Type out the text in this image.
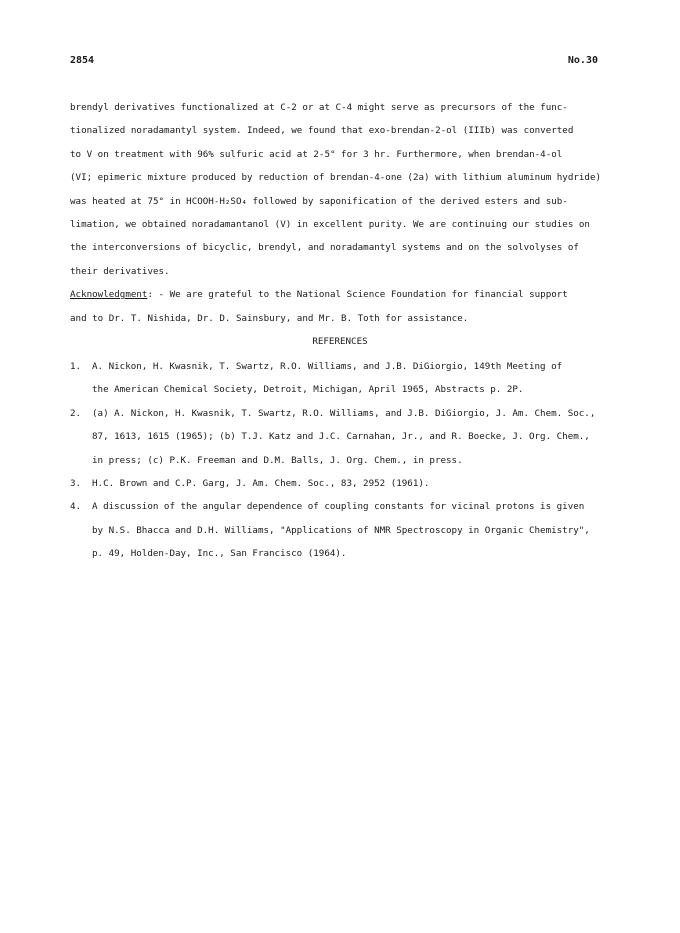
2854	No.30
brendyl derivatives functionalized at C-2 or at C-4 might serve as precursors of the func-
tionalized noradamantyl system. Indeed, we found that exo-brendan-2-ol (IIIb) was converted
to V on treatment with 96% sulfuric acid at 2-5° for 3 hr. Furthermore, when brendan-4-ol
(VI; epimeric mixture produced by reduction of brendan-4-one (2a) with lithium aluminum hydride)
was heated at 75° in HCOOH-H₂SO₄ followed by saponification of the derived esters and sub-
limation, we obtained noradamantanol (V) in excellent purity. We are continuing our studies on
the interconversions of bicyclic, brendyl, and noradamantyl systems and on the solvolyses of
their derivatives.
Acknowledgment: - We are grateful to the National Science Foundation for financial support
and to Dr. T. Nishida, Dr. D. Sainsbury, and Mr. B. Toth for assistance.
REFERENCES
1. A. Nickon, H. Kwasnik, T. Swartz, R.O. Williams, and J.B. DiGiorgio, 149th Meeting of
the American Chemical Society, Detroit, Michigan, April 1965, Abstracts p. 2P.
2. (a) A. Nickon, H. Kwasnik, T. Swartz, R.O. Williams, and J.B. DiGiorgio, J. Am. Chem. Soc.,
87, 1613, 1615 (1965); (b) T.J. Katz and J.C. Carnahan, Jr., and R. Boecke, J. Org. Chem.,
in press; (c) P.K. Freeman and D.M. Balls, J. Org. Chem., in press.
3. H.C. Brown and C.P. Garg, J. Am. Chem. Soc., 83, 2952 (1961).
4. A discussion of the angular dependence of coupling constants for vicinal protons is given
by N.S. Bhacca and D.H. Williams, "Applications of NMR Spectroscopy in Organic Chemistry",
p. 49, Holden-Day, Inc., San Francisco (1964).
